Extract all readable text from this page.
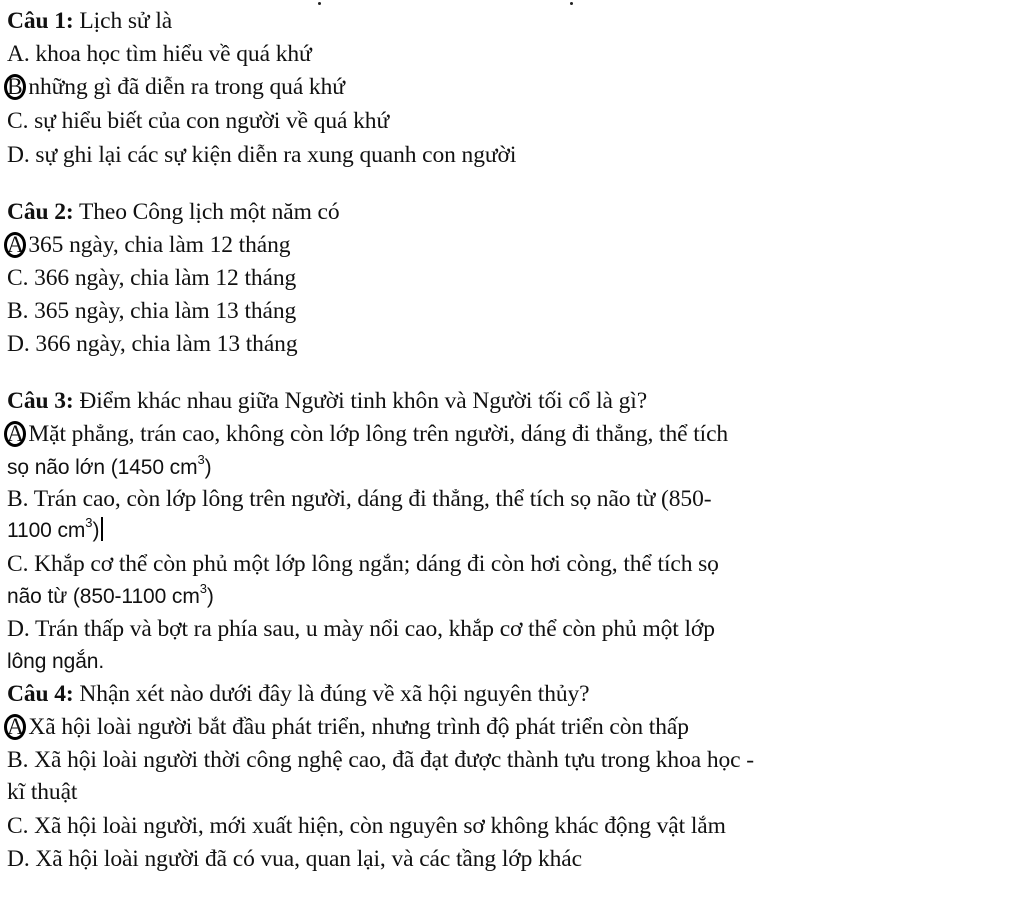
Câu 1: Lịch sử là
A. khoa học tìm hiểu về quá khứ
B những gì đã diễn ra trong quá khứ
C. sự hiểu biết của con người về quá khứ
D. sự ghi lại các sự kiện diễn ra xung quanh con người
Câu 2: Theo Công lịch một năm có
A 365 ngày, chia làm 12 tháng
C. 366 ngày, chia làm 12 tháng
B. 365 ngày, chia làm 13 tháng
D. 366 ngày, chia làm 13 tháng
Câu 3: Điểm khác nhau giữa Người tinh khôn và Người tối cổ là gì?
A Mặt phẳng, trán cao, không còn lớp lông trên người, dáng đi thẳng, thể tích
sọ não lớn (1450 $cm^3$)
B. Trán cao, còn lớp lông trên người, dáng đi thẳng, thể tích sọ não từ (850-
1100 $cm^3$)
C. Khắp cơ thể còn phủ một lớp lông ngắn; dáng đi còn hơi còng, thể tích sọ
não từ (850-1100 $cm^3$)
D. Trán thấp và bợt ra phía sau, u mày nổi cao, khắp cơ thể còn phủ một lớp
lông ngắn.
Câu 4: Nhận xét nào dưới đây là đúng về xã hội nguyên thủy?
A Xã hội loài người bắt đầu phát triển, nhưng trình độ phát triển còn thấp
B. Xã hội loài người thời công nghệ cao, đã đạt được thành tựu trong khoa học -
kĩ thuật
C. Xã hội loài người, mới xuất hiện, còn nguyên sơ không khác động vật lắm
D. Xã hội loài người đã có vua, quan lại, và các tầng lớp khác
